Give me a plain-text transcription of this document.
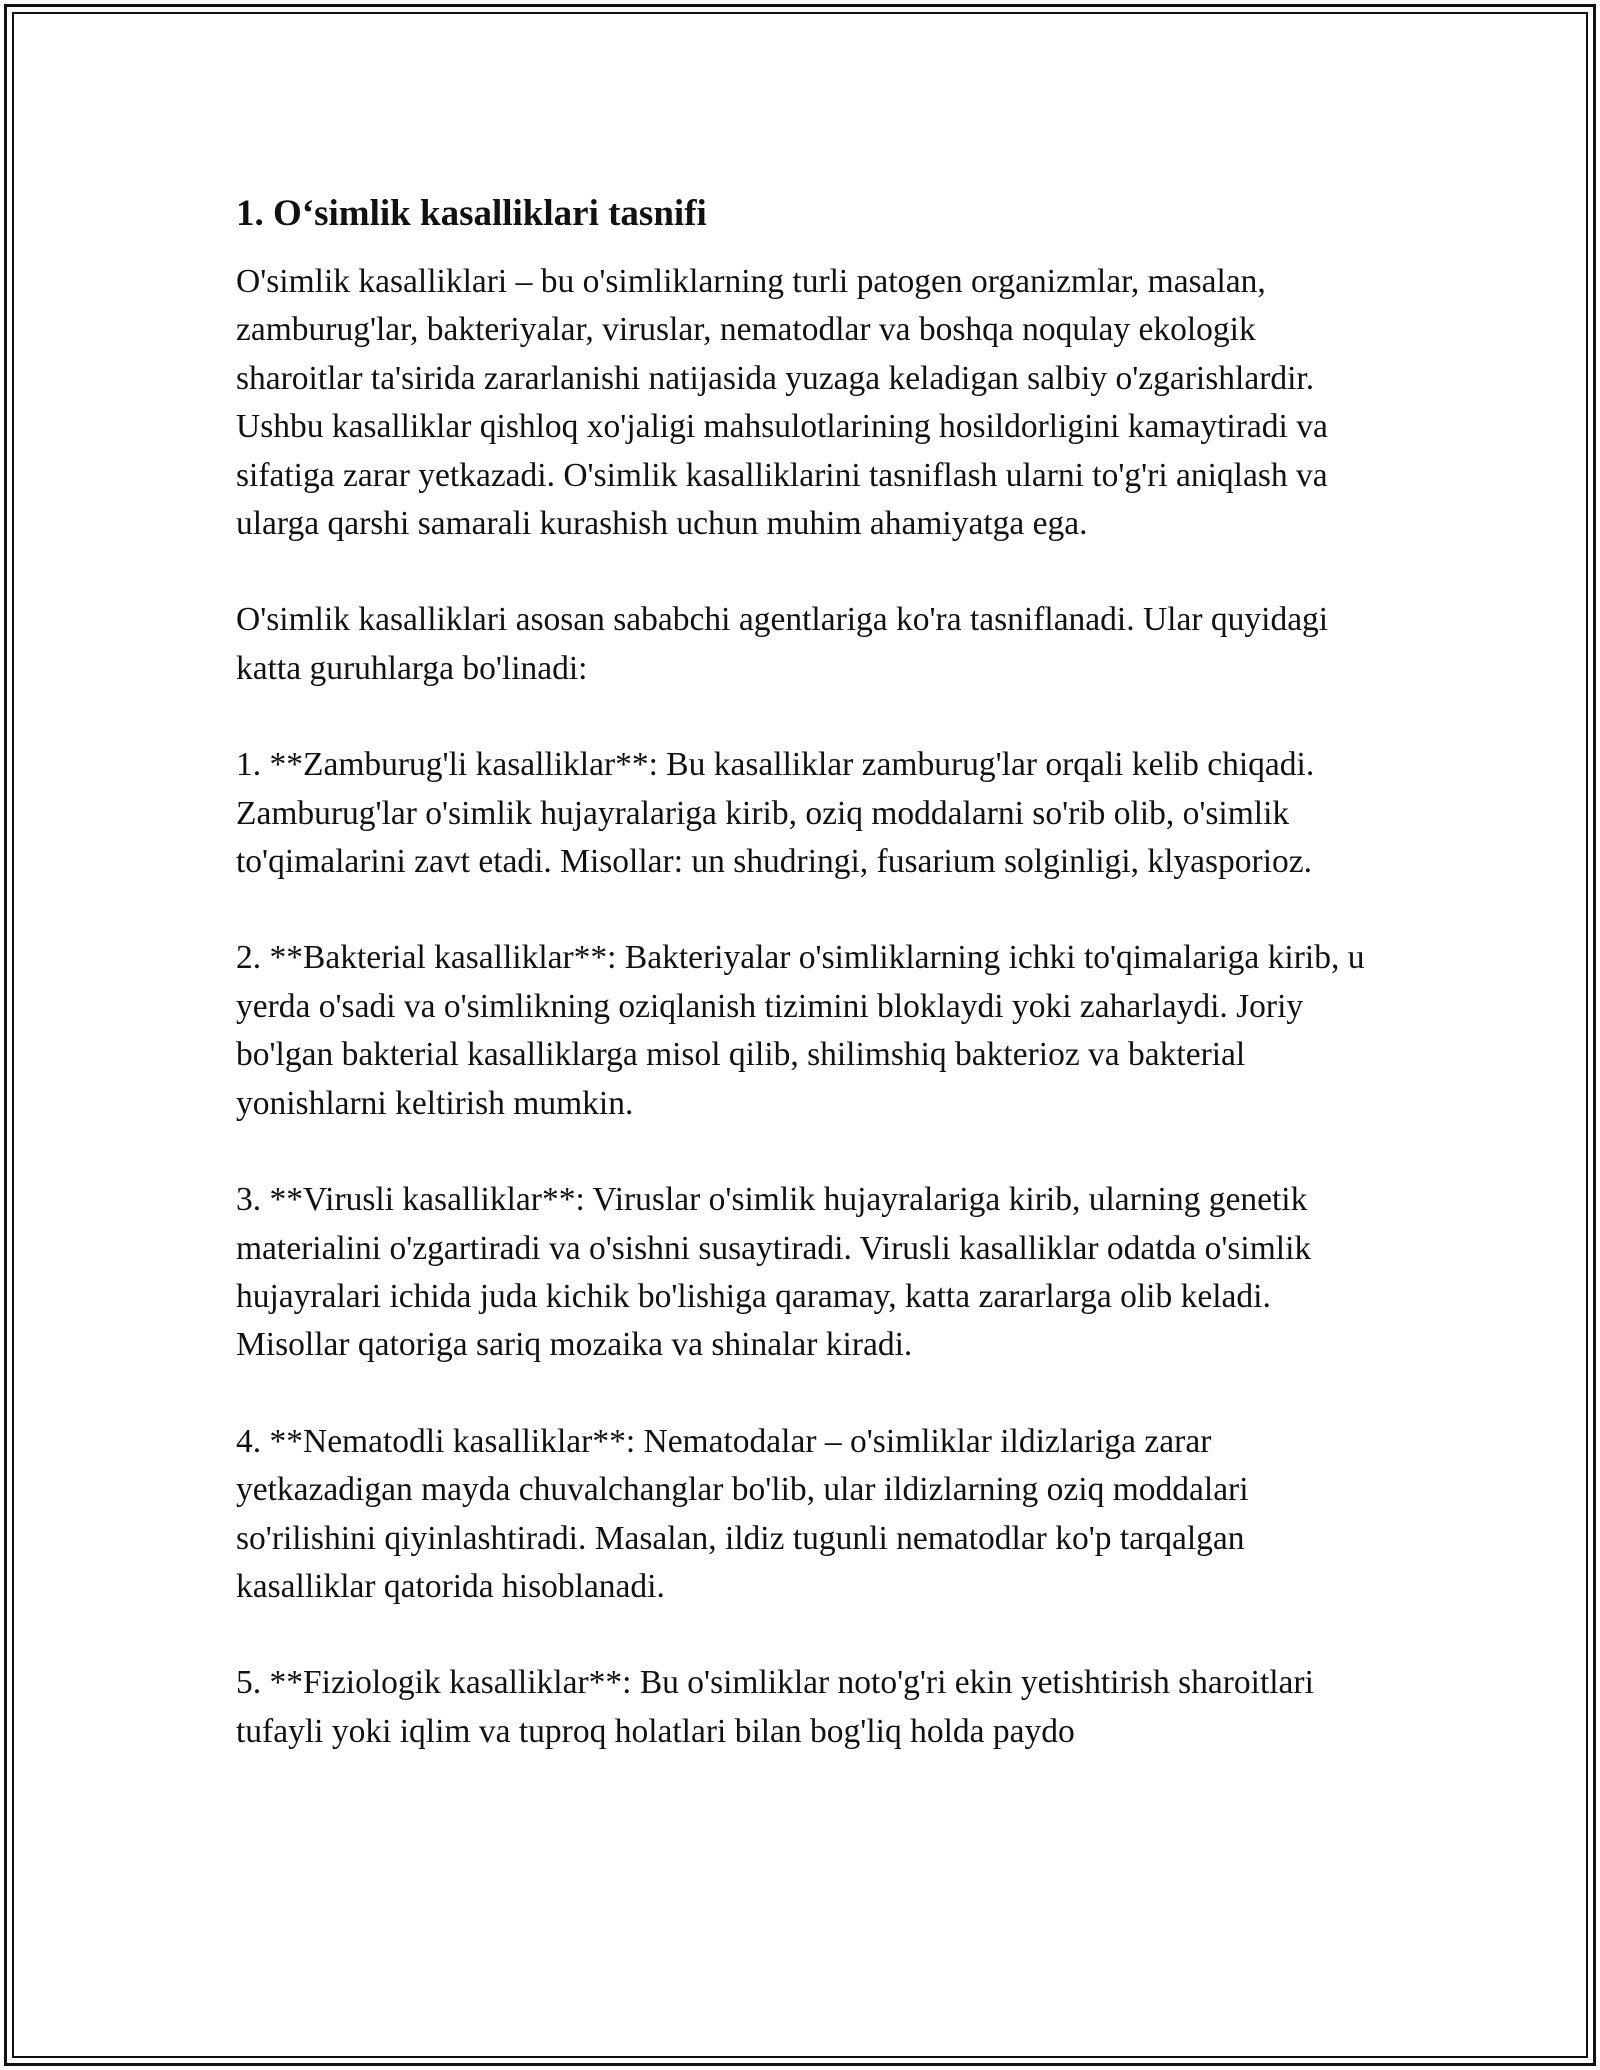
1. O‘simlik kasalliklari tasnifi

O'simlik kasalliklari – bu o'simliklarning turli patogen organizmlar, masalan, zamburug'lar, bakteriyalar, viruslar, nematodlar va boshqa noqulay ekologik sharoitlar ta'sirida zararlanishi natijasida yuzaga keladigan salbiy o'zgarishlardir. Ushbu kasalliklar qishloq xo'jaligi mahsulotlarining hosildorligini kamaytiradi va sifatiga zarar yetkazadi. O'simlik kasalliklarini tasniflash ularni to'g'ri aniqlash va ularga qarshi samarali kurashish uchun muhim ahamiyatga ega.

O'simlik kasalliklari asosan sababchi agentlariga ko'ra tasniflanadi. Ular quyidagi katta guruhlarga bo'linadi:

1. **Zamburug'li kasalliklar**: Bu kasalliklar zamburug'lar orqali kelib chiqadi. Zamburug'lar o'simlik hujayralariga kirib, oziq moddalarni so'rib olib, o'simlik to'qimalarini zavt etadi. Misollar: un shudringi, fusarium solginligi, klyasporioz.

2. **Bakterial kasalliklar**: Bakteriyalar o'simliklarning ichki to'qimalariga kirib, u yerda o'sadi va o'simlikning oziqlanish tizimini bloklaydi yoki zaharlaydi. Joriy bo'lgan bakterial kasalliklarga misol qilib, shilimshiq bakterioz va bakterial yonishlarni keltirish mumkin.

3. **Virusli kasalliklar**: Viruslar o'simlik hujayralariga kirib, ularning genetik materialini o'zgartiradi va o'sishni susaytiradi. Virusli kasalliklar odatda o'simlik hujayralari ichida juda kichik bo'lishiga qaramay, katta zararlarga olib keladi. Misollar qatoriga sariq mozaika va shinalar kiradi.

4. **Nematodli kasalliklar**: Nematodalar – o'simliklar ildizlariga zarar yetkazadigan mayda chuvalchanglar bo'lib, ular ildizlarning oziq moddalari so'rilishini qiyinlashtiradi. Masalan, ildiz tugunli nematodlar ko'p tarqalgan kasalliklar qatorida hisoblanadi.

5. **Fiziologik kasalliklar**: Bu o'simliklar noto'g'ri ekin yetishtirish sharoitlari tufayli yoki iqlim va tuproq holatlari bilan bog'liq holda paydo
